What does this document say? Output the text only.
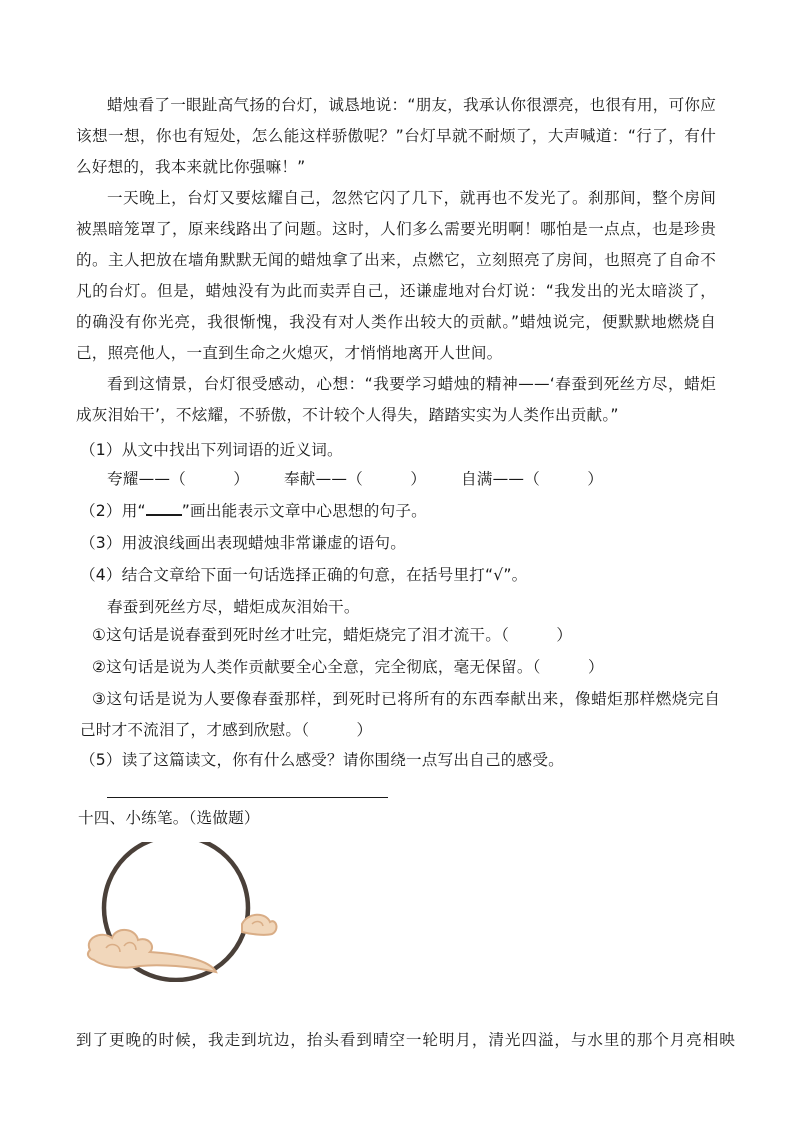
蜡烛看了一眼趾高气扬的台灯，诚恳地说：“朋友，我承认你很漂亮，也很有用，可你应该想一想，你也有短处，怎么能这样骄傲呢？”台灯早就不耐烦了，大声喊道：“行了，有什么好想的，我本来就比你强嘛！”

一天晚上，台灯又要炫耀自己，忽然它闪了几下，就再也不发光了。刹那间，整个房间被黑暗笼罩了，原来线路出了问题。这时，人们多么需要光明啊！哪怕是一点点，也是珍贵的。主人把放在墙角默默无闻的蜡烛拿了出来，点燃它，立刻照亮了房间，也照亮了自命不凡的台灯。但是，蜡烛没有为此而卖弄自己，还谦虚地对台灯说：“我发出的光太暗淡了，的确没有你光亮，我很惭愧，我没有对人类作出较大的贡献。”蜡烛说完，便默默地燃烧自己，照亮他人，一直到生命之火熄灭，才悄悄地离开人世间。

看到这情景，台灯很受感动，心想：“我要学习蜡烛的精神——‘春蚕到死丝方尽，蜡炬成灰泪始干’，不炫耀，不骄傲，不计较个人得失，踏踏实实为人类作出贡献。”

（1）从文中找出下列词语的近义词。
夸耀——（　　　） 奉献——（　　　） 自满——（　　　）
（2）用“ ”画出能表示文章中心思想的句子。
（3）用波浪线画出表现蜡烛非常谦虚的语句。
（4）结合文章给下面一句话选择正确的句意，在括号里打“√”。
春蚕到死丝方尽，蜡炬成灰泪始干。
①这句话是说春蚕到死时丝才吐完，蜡炬烧完了泪才流干。（　　　）
②这句话是说为人类作贡献要全心全意，完全彻底，毫无保留。（　　　）

③这句话是说为人要像春蚕那样，到死时已将所有的东西奉献出来，像蜡炬那样燃烧完自己时才不流泪了，才感到欣慰。（　　　）

（5）读了这篇读文，你有什么感受？请你围绕一点写出自己的感受。
十四、小练笔。（选做题）
到了更晚的时候，我走到坑边，抬头看到晴空一轮明月，清光四溢，与水里的那个月亮相映
